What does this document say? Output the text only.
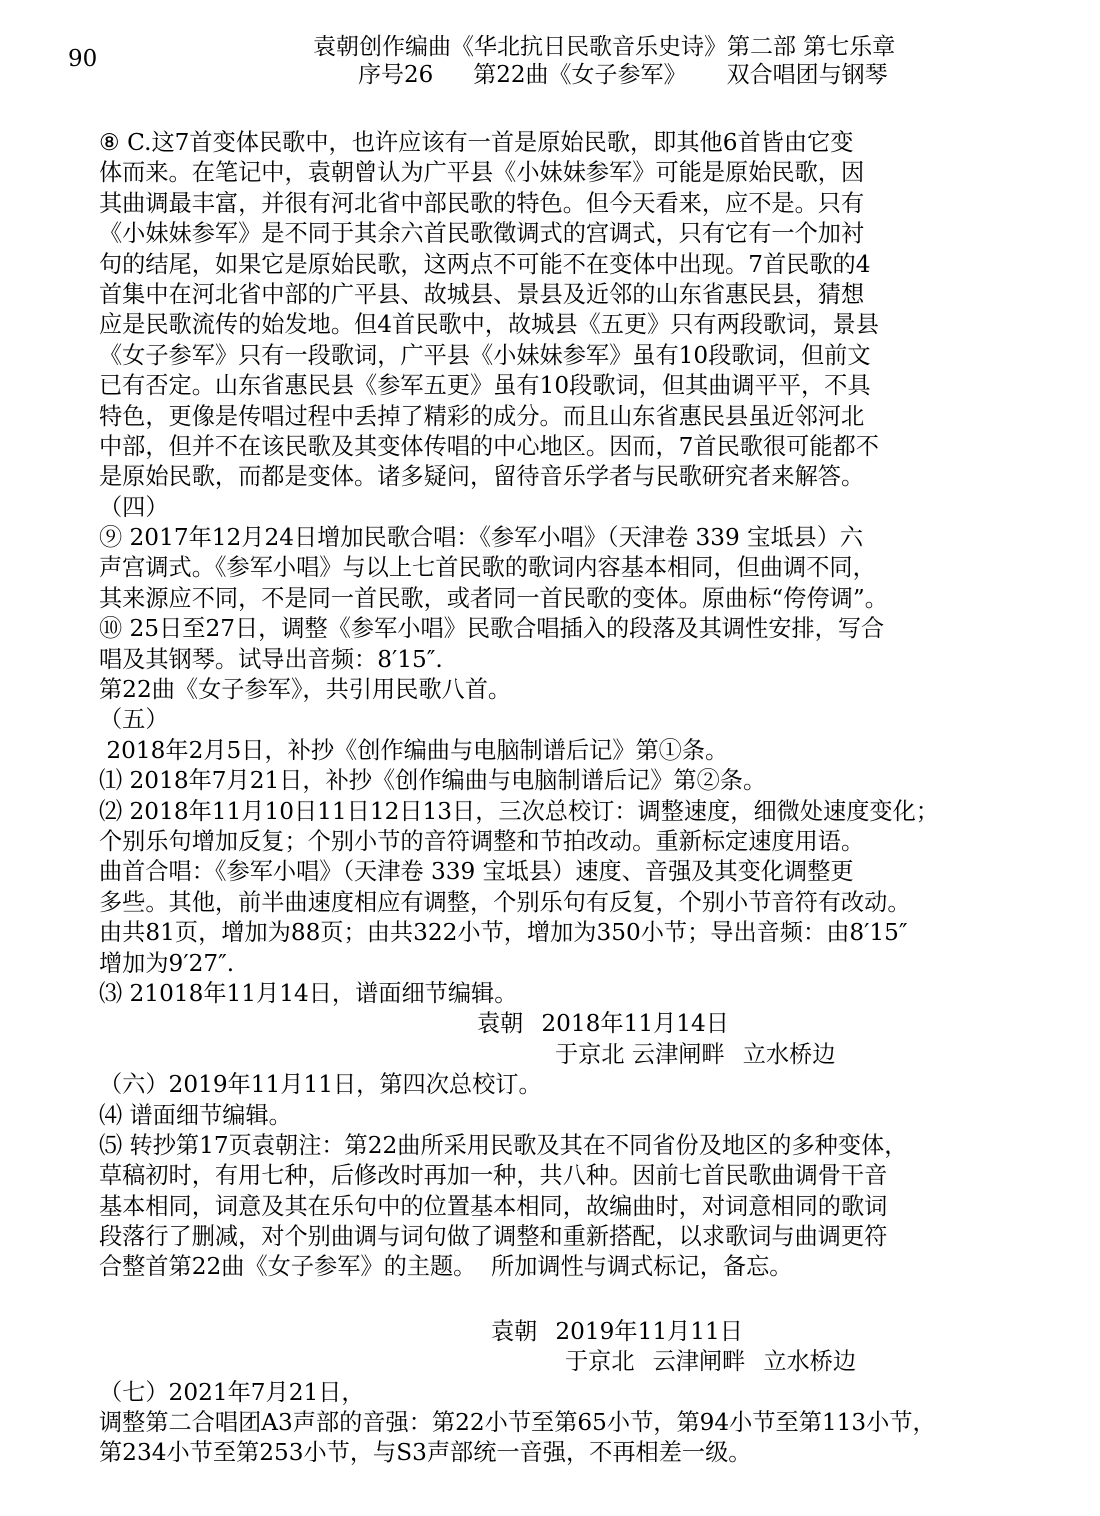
90	袁朝创作编曲《华北抗日民歌音乐史诗》第二部 第七乐章
序号26 第22曲《女子参军》 双合唱团与钢琴
⑧ C.这7首变体民歌中，也许应该有一首是原始民歌，即其他6首皆由它变
体而来。在笔记中，袁朝曾认为广平县《小妹妹参军》可能是原始民歌，因
其曲调最丰富，并很有河北省中部民歌的特色。但今天看来，应不是。只有
《小妹妹参军》是不同于其余六首民歌徵调式的宫调式，只有它有一个加衬
句的结尾，如果它是原始民歌，这两点不可能不在变体中出现。7首民歌的4
首集中在河北省中部的广平县、故城县、景县及近邻的山东省惠民县，猜想
应是民歌流传的始发地。但4首民歌中，故城县《五更》只有两段歌词，景县
《女子参军》只有一段歌词，广平县《小妹妹参军》虽有10段歌词，但前文
已有否定。山东省惠民县《参军五更》虽有10段歌词，但其曲调平平，不具
特色，更像是传唱过程中丢掉了精彩的成分。而且山东省惠民县虽近邻河北
中部，但并不在该民歌及其变体传唱的中心地区。因而，7首民歌很可能都不
是原始民歌，而都是变体。诸多疑问，留待音乐学者与民歌研究者来解答。
（四）
⑨ 2017年12月24日增加民歌合唱：《参军小唱》（天津卷 339 宝坻县）六
声宫调式。《参军小唱》与以上七首民歌的歌词内容基本相同，但曲调不同，
其来源应不同，不是同一首民歌，或者同一首民歌的变体。原曲标“侉侉调”。
⑩ 25日至27日，调整《参军小唱》民歌合唱插入的段落及其调性安排，写合
唱及其钢琴。试导出音频：8′15″.
第22曲《女子参军》，共引用民歌八首。
（五）
2018年2月5日，补抄《创作编曲与电脑制谱后记》第①条。
⑴ 2018年7月21日，补抄《创作编曲与电脑制谱后记》第②条。
⑵ 2018年11月10日11日12日13日，三次总校订：调整速度，细微处速度变化；
个别乐句增加反复；个别小节的音符调整和节拍改动。重新标定速度用语。
曲首合唱：《参军小唱》（天津卷 339 宝坻县）速度、音强及其变化调整更
多些。其他，前半曲速度相应有调整，个别乐句有反复，个别小节音符有改动。
由共81页，增加为88页；由共322小节，增加为350小节；导出音频：由8′15″
增加为9′27″.
⑶ 21018年11月14日，谱面细节编辑。
袁朝 2018年11月14日
于京北 云津闸畔 立水桥边
（六）2019年11月11日，第四次总校订。
⑷ 谱面细节编辑。
⑸ 转抄第17页袁朝注：第22曲所采用民歌及其在不同省份及地区的多种变体，
草稿初时，有用七种，后修改时再加一种，共八种。因前七首民歌曲调骨干音
基本相同，词意及其在乐句中的位置基本相同，故编曲时，对词意相同的歌词
段落行了删减，对个别曲调与词句做了调整和重新搭配，以求歌词与曲调更符
合整首第22曲《女子参军》的主题。  所加调性与调式标记，备忘。
袁朝 2019年11月11日
于京北 云津闸畔 立水桥边
（七）2021年7月21日，
调整第二合唱团A3声部的音强：第22小节至第65小节，第94小节至第113小节，
第234小节至第253小节，与S3声部统一音强，不再相差一级。
